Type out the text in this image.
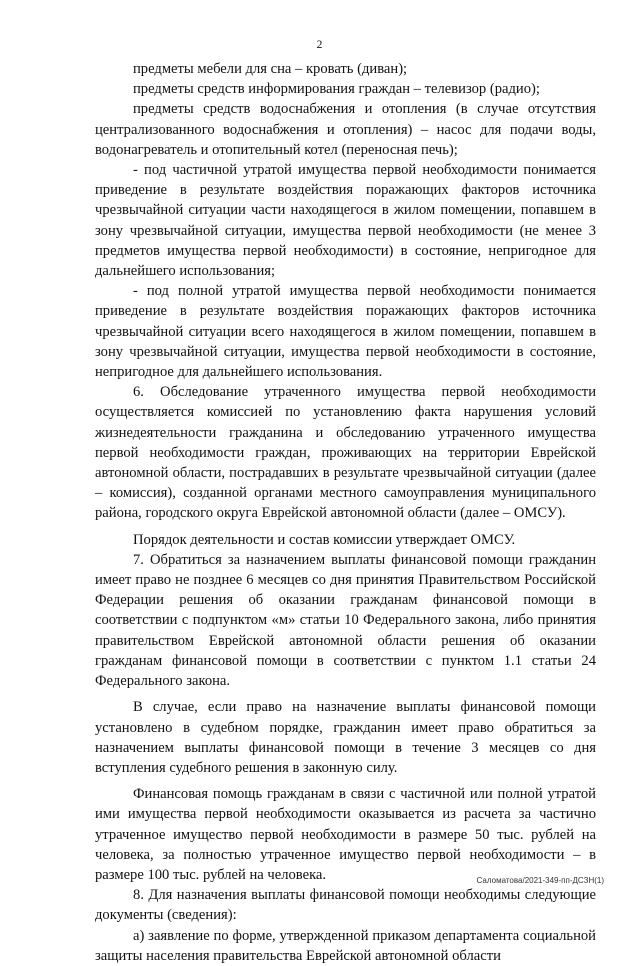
2

предметы мебели для сна – кровать (диван);

предметы средств информирования граждан – телевизор (радио);

предметы средств водоснабжения и отопления (в случае отсутствия централизованного водоснабжения и отопления) – насос для подачи воды, водонагреватель и отопительный котел (переносная печь);

- под частичной утратой имущества первой необходимости понимается приведение в результате воздействия поражающих факторов источника чрезвычайной ситуации части находящегося в жилом помещении, попавшем в зону чрезвычайной ситуации, имущества первой необходимости (не менее 3 предметов имущества первой необходимости) в состояние, непригодное для дальнейшего использования;

- под полной утратой имущества первой необходимости понимается приведение в результате воздействия поражающих факторов источника чрезвычайной ситуации всего находящегося в жилом помещении, попавшем в зону чрезвычайной ситуации, имущества первой необходимости в состояние, непригодное для дальнейшего использования.

6. Обследование утраченного имущества первой необходимости осуществляется комиссией по установлению факта нарушения условий жизнедеятельности гражданина и обследованию утраченного имущества первой необходимости граждан, проживающих на территории Еврейской автономной области, пострадавших в результате чрезвычайной ситуации (далее – комиссия), созданной органами местного самоуправления муниципального района, городского округа Еврейской автономной области (далее – ОМСУ).

Порядок деятельности и состав комиссии утверждает ОМСУ.

7. Обратиться за назначением выплаты финансовой помощи гражданин имеет право не позднее 6 месяцев со дня принятия Правительством Российской Федерации решения об оказании гражданам финансовой помощи в соответствии с подпунктом «м» статьи 10 Федерального закона, либо принятия правительством Еврейской автономной области решения об оказании гражданам финансовой помощи в соответствии с пунктом 1.1 статьи 24 Федерального закона.

В случае, если право на назначение выплаты финансовой помощи установлено в судебном порядке, гражданин имеет право обратиться за назначением выплаты финансовой помощи в течение 3 месяцев со дня вступления судебного решения в законную силу.

Финансовая помощь гражданам в связи с частичной или полной утратой ими имущества первой необходимости оказывается из расчета за частично утраченное имущество первой необходимости в размере 50 тыс. рублей на человека, за полностью утраченное имущество первой необходимости – в размере 100 тыс. рублей на человека.

8. Для назначения выплаты финансовой помощи необходимы следующие документы (сведения):

а) заявление по форме, утвержденной приказом департамента социальной защиты населения правительства Еврейской автономной области

Саломатова/2021-349-пп-ДСЗН(1)
